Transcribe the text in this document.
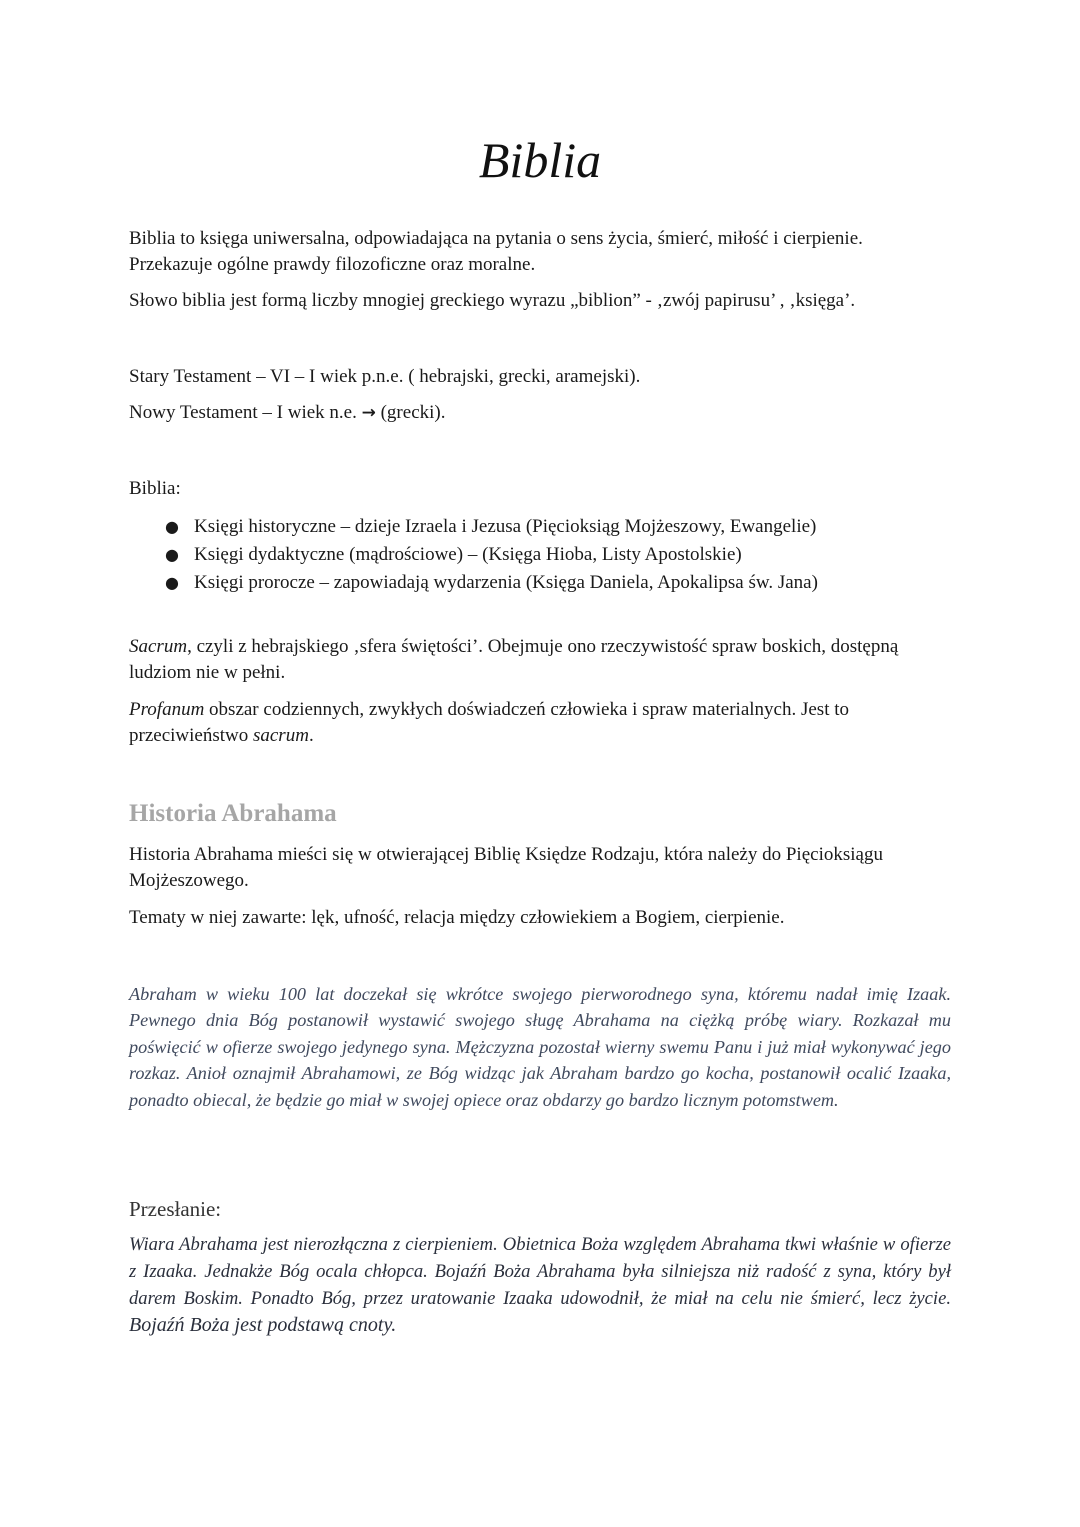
Biblia

Biblia to księga uniwersalna, odpowiadająca na pytania o sens życia, śmierć, miłość i cierpienie.
Przekazuje ogólne prawdy filozoficzne oraz moralne.

Słowo biblia jest formą liczby mnogiej greckiego wyrazu „biblion” - ‚zwój papirusu’ , ‚księga’.

Stary Testament – VI – I wiek p.n.e. ( hebrajski, grecki, aramejski).

Nowy Testament – I wiek n.e. → (grecki).

Biblia:

● Księgi historyczne – dzieje Izraela i Jezusa (Pięcioksiąg Mojżeszowy, Ewangelie)
● Księgi dydaktyczne (mądrościowe) – (Księga Hioba, Listy Apostolskie)
● Księgi prorocze – zapowiadają wydarzenia (Księga Daniela, Apokalipsa św. Jana)

Sacrum, czyli z hebrajskiego ‚sfera świętości’. Obejmuje ono rzeczywistość spraw boskich, dostępną
ludziom nie w pełni.

Profanum obszar codziennych, zwykłych doświadczeń człowieka i spraw materialnych. Jest to
przeciwieństwo sacrum.

Historia Abrahama

Historia Abrahama mieści się w otwierającej Biblię Księdze Rodzaju, która należy do Pięcioksiągu
Mojżeszowego.

Tematy w niej zawarte: lęk, ufność, relacja między człowiekiem a Bogiem, cierpienie.

Abraham w wieku 100 lat doczekał się wkrótce swojego pierworodnego syna, któremu nadał imię Izaak. Pewnego dnia Bóg postanowił wystawić swojego sługę Abrahama na ciężką próbę wiary. Rozkazał mu poświęcić w ofierze swojego jedynego syna. Mężczyzna pozostał wierny swemu Panu i już miał wykonywać jego rozkaz. Anioł oznajmił Abrahamowi, ze Bóg widząc jak Abraham bardzo go kocha, postanowił ocalić Izaaka, ponadto obiecal, że będzie go miał w swojej opiece oraz obdarzy go bardzo licznym potomstwem.

Przesłanie:

Wiara Abrahama jest nierozłączna z cierpieniem. Obietnica Boża względem Abrahama tkwi właśnie w ofierze z Izaaka. Jednakże Bóg ocala chłopca. Bojaźń Boża Abrahama była silniejsza niż radość z syna, który był darem Boskim. Ponadto Bóg, przez uratowanie Izaaka udowodnił, że miał na celu nie śmierć, lecz życie. Bojaźń Boża jest podstawą cnoty.
